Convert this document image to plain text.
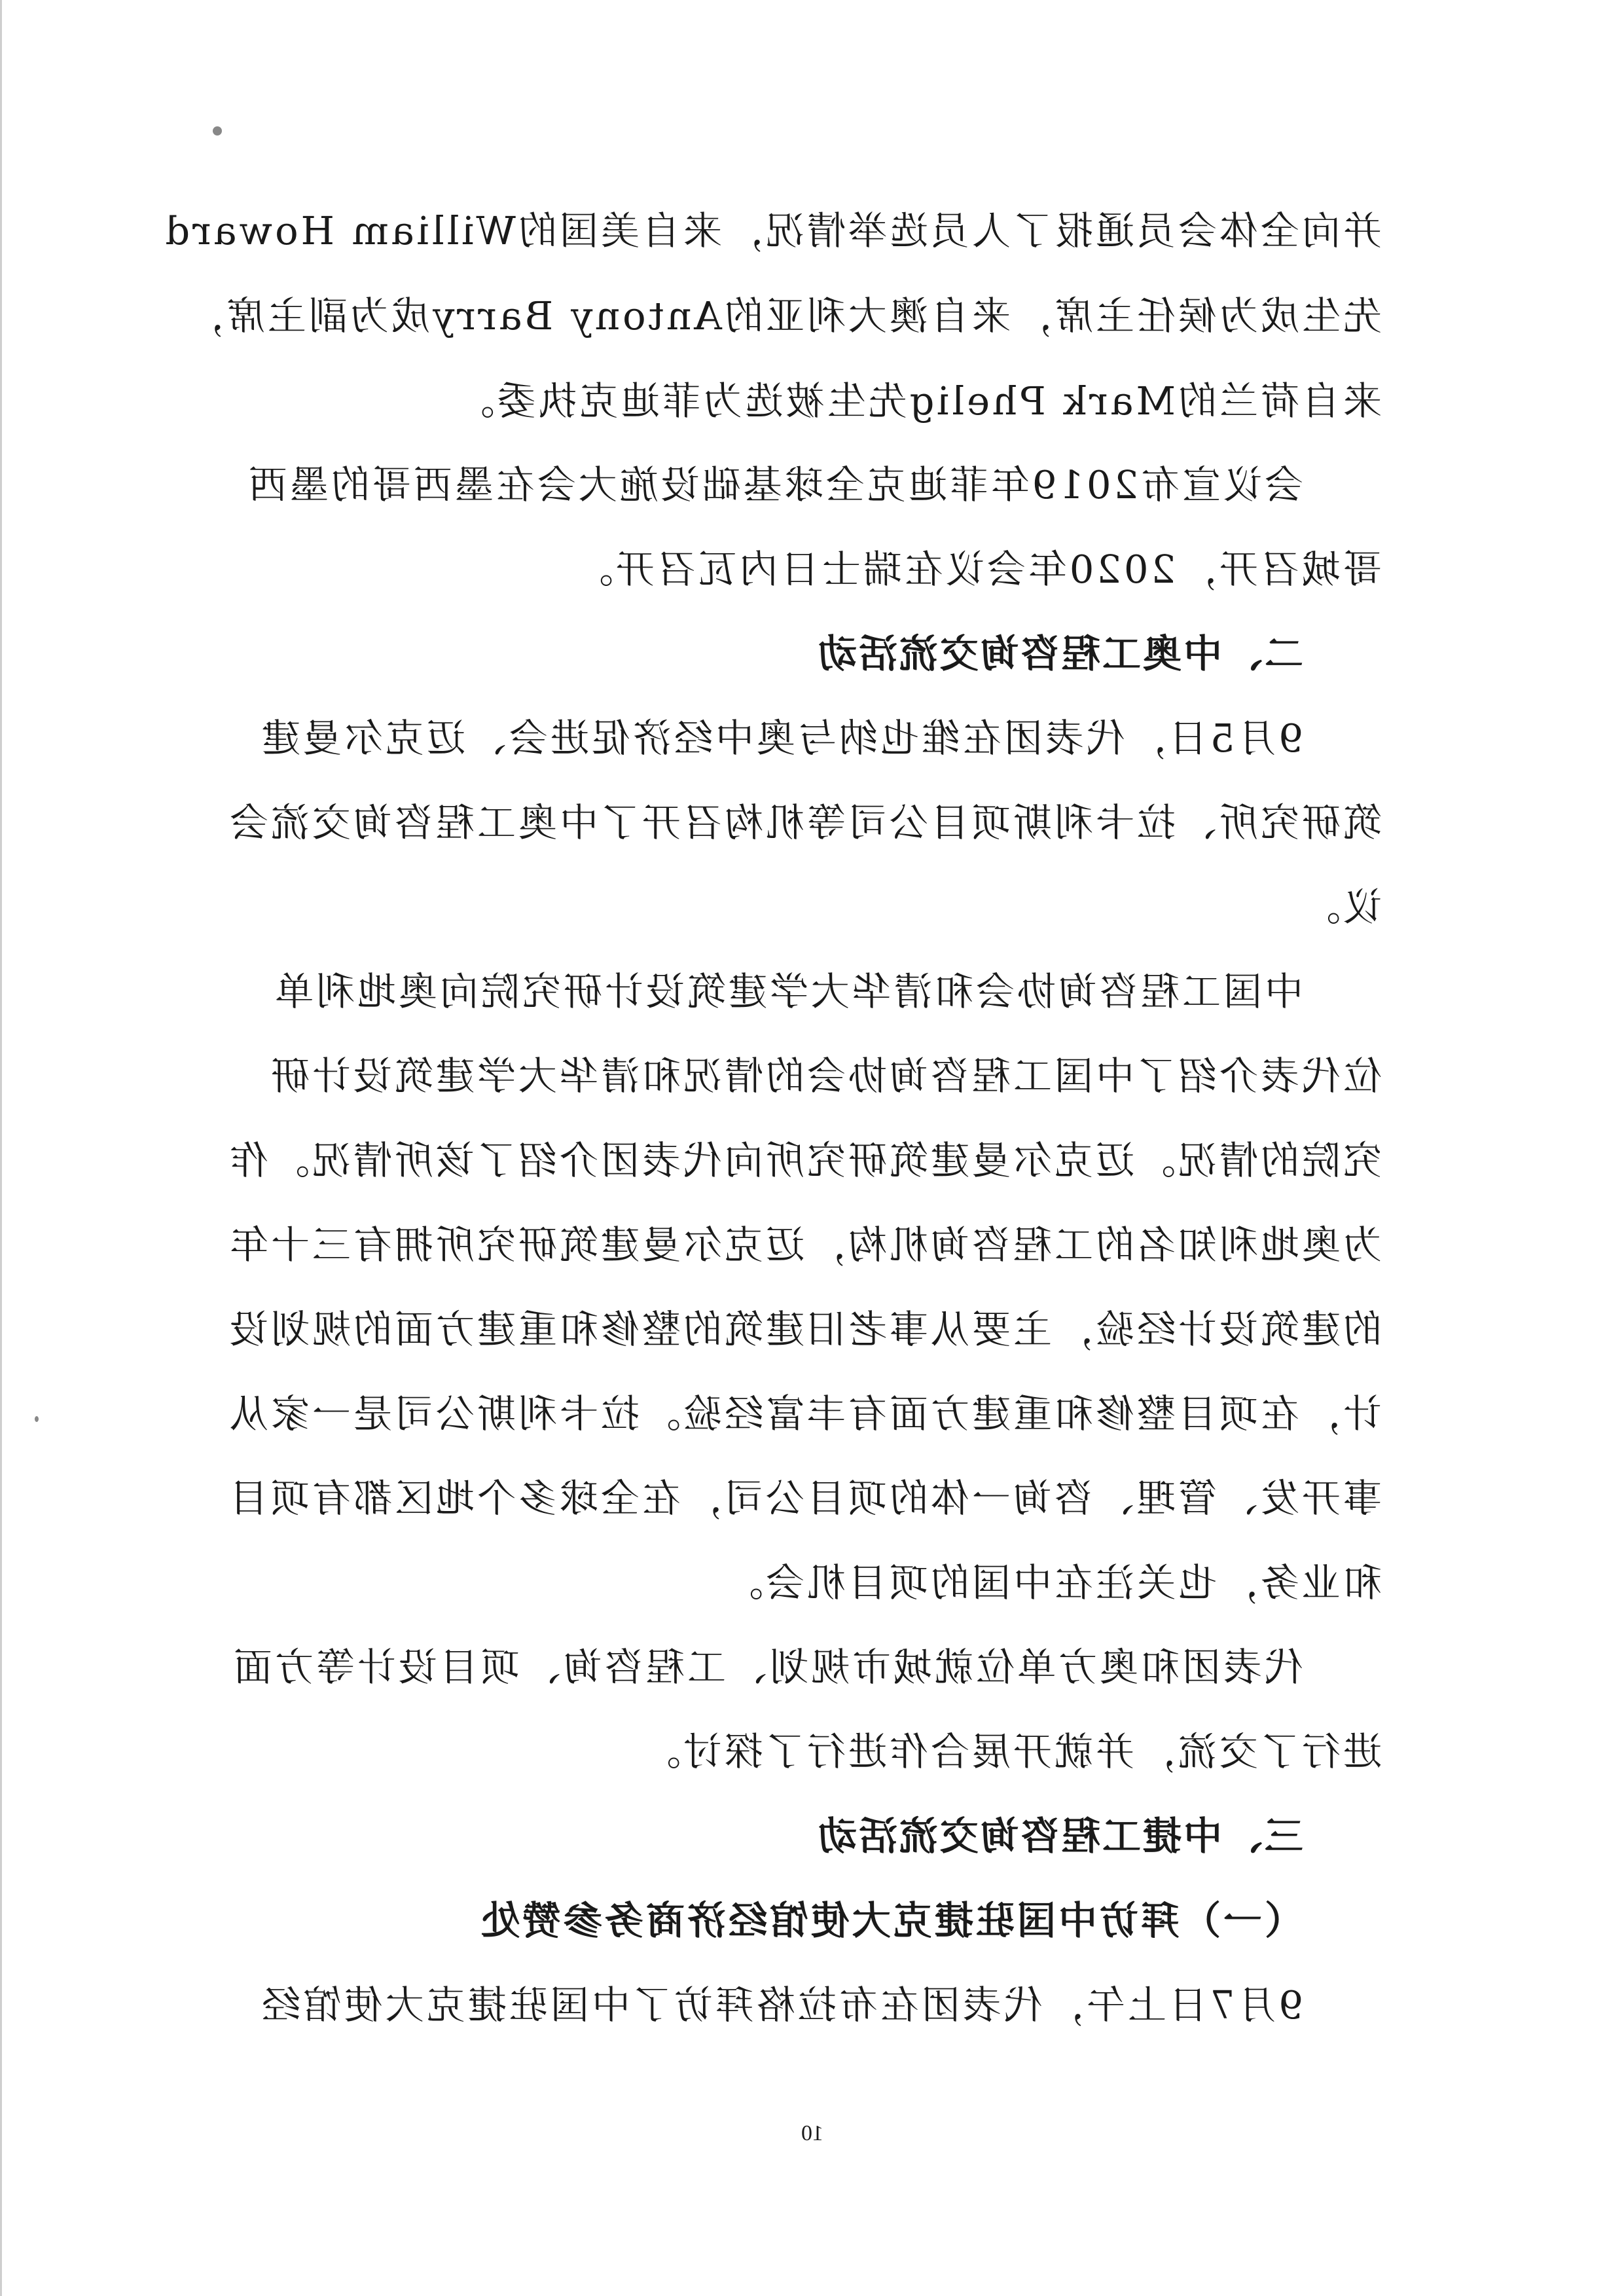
并向全体会员通报了人员选举情况，来自美国的William Howard
先生成为候任主席，来自澳大利亚的Antony Barry成为副主席，
来自荷兰的Mark Phelig先生被选为菲迪克执委。
会议宣布2019年菲迪克全球基础设施大会在墨西哥的墨西
哥城召开，2020年会议在瑞士日内瓦召开。
二、中奥工程咨询交流活动
9月5日，代表团在维也纳与奥中经济促进会、迈克尔曼建
筑研究所、拉卡利斯项目公司等机构召开了中奥工程咨询交流会
议。
中国工程咨询协会和清华大学建筑设计研究院向奥地利单
位代表介绍了中国工程咨询协会的情况和清华大学建筑设计研
究院的情况。迈克尔曼建筑研究所向代表团介绍了该所情况。作
为奥地利知名的工程咨询机构，迈克尔曼建筑研究所拥有三十年
的建筑设计经验，主要从事老旧建筑的整修和重建方面的规划设
计，在项目整修和重建方面有丰富经验。拉卡利斯公司是一家从
事开发、管理、咨询一体的项目公司，在全球多个地区都有项目
和业务，也关注在中国的项目机会。
代表团和奥方单位就城市规划、工程咨询、项目设计等方面
进行了交流，并就开展合作进行了探讨。
三、中捷工程咨询交流活动
（一）拜访中国驻捷克大使馆经济商务参赞处
9月7日上午，代表团在布拉格拜访了中国驻捷克大使馆经
10
